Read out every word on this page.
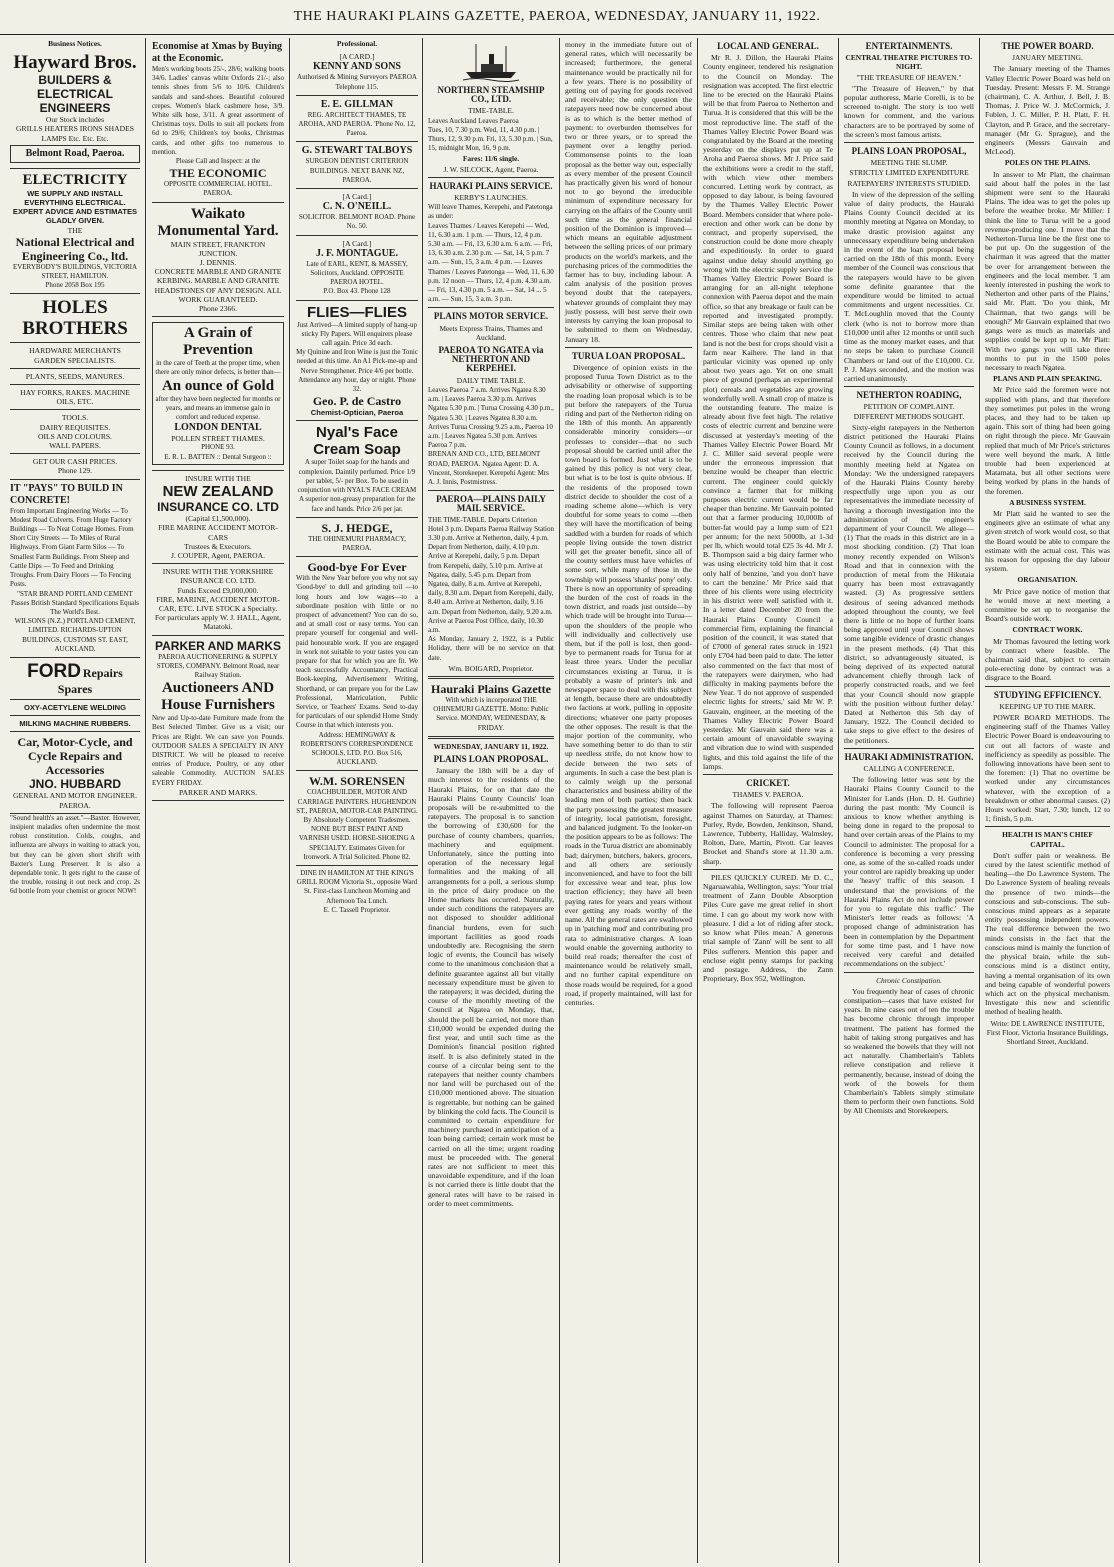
THE HAURAKI PLAINS GAZETTE, PAEROA, WEDNESDAY, JANUARY 11, 1922.
Business Notices.
Hayward Bros.
BUILDERS &
ELECTRICAL
ENGINEERS
Our Stock includes
GRILLS HEATERS IRONS SHADES LAMPS Etc. Etc. Etc.
Belmont Road, Paeroa.
ELECTRICITY
WE SUPPLY AND INSTALL EVERYTHING ELECTRICAL. EXPERT ADVICE AND ESTIMATES GLADLY GIVEN.
THE
National Electrical and Engineering Co., ltd.
EVERYBODY'S BUILDINGS, VICTORIA STREET, HAMILTON.
Phone 2058 Box 195
HOLES BROTHERS
HARDWARE MERCHANTS
GARDEN SPECIALISTS.
PLANTS, SEEDS, MANURES.
HAY FORKS, RAKES. MACHINE OILS, ETC.
TOOLS.
DAIRY REQUISITES.
OILS AND COLOURS.
WALL PAPERS.
GET OUR CASH PRICES.
Phone 129.
IT "PAYS" TO BUILD IN CONCRETE!
From Important Engineering Works — To Modest Road Culverts. From Huge Factory Buildings — To Neat Cottage Homes. From Short City Streets — To Miles of Rural Highways. From Giant Farm Silos — To Smallest Farm Buildings. From Sheep and Cattle Dips — To Feed and Drinking Troughs. From Dairy Floors — To Fencing Posts.
"STAR BRAND PORTLAND CEMENT Passes British Standard Specifications Equals The World's Best.
WILSONS (N.Z.) PORTLAND CEMENT, LIMITED. RICHARDS-UPTON BUILDINGS, CUSTOMS ST. EAST, AUCKLAND.
FORD Repairs Spares
OXY-ACETYLENE WELDING
MILKING MACHINE RUBBERS.
Car, Motor-Cycle, and Cycle Repairs and Accessories
JNO. HUBBARD
GENERAL AND MOTOR ENGINEER. PAEROA.
"Sound health's an asset."—Baxter. However, insipient maladies often undermine the most robust constitution. Colds, coughs, and influenza are always in waiting to attack you, but they can be given short shrift with Baxter's Lung Preserver. It is also a dependable tonic. It gets right to the cause of the trouble, rousing it out neck and crop. 2s 6d bottle from your chemist or grocer NOW!
Economise at Xmas by Buying at the Economic.
Men's working boots 25/-, 28/6; walking boots 34/6. Ladies' canvas white Oxfords 21/-; also tennis shoes from 5/6 to 10/6. Children's sandals and sand-shoes. Beautiful coloured crepes. Women's black cashmere hose, 3/9. White silk hose, 3/11. A great assortment of Christmas toys. Dolls to suit all pockets from 6d to 29/6; Children's toy books, Christmas cards, and other gifts too numerous to mention.
Please Call and Inspect: at the
THE ECONOMIC
OPPOSITE COMMERCIAL HOTEL. PAEROA.
Waikato Monumental Yard.
MAIN STREET, FRANKTON JUNCTION.
J. DENNIS.
CONCRETE MARBLE AND GRANITE KERBING. MARBLE AND GRANITE HEADSTONES OF ANY DESIGN. ALL WORK GUARANTEED.
Phone 2366.
A Grain of Prevention
in the care of Teeth at the proper time, when there are only minor defects, is better than—
An ounce of Gold
after they have been neglected for months or years, and means an immense gain in comfort and reduced expense.
LONDON DENTAL
POLLEN STREET THAMES.
PHONE 93.
E. R. L. BATTEN :: Dental Surgeon ::
INSURE WITH THE
NEW ZEALAND
INSURANCE CO. LTD
(Capital £1,500,000).
FIRE MARINE ACCIDENT MOTOR-CARS
Trustees & Executors.
J. COUPER, Agent, PAEROA.
INSURE WITH THE YORKSHIRE INSURANCE CO. LTD.
Funds Exceed £9,000,000.
FIRE, MARINE, ACCIDENT MOTOR-CAR, ETC. LIVE STOCK a Specialty.
For particulars apply W. J. HALL, Agent, Matatoki.
PARKER AND MARKS
PAEROA AUCTIONEERING & SUPPLY STORES, COMPANY. Belmont Road, near Railway Station.
Auctioneers AND House Furnishers
New and Up-to-date Furniture made from the Best Selected Timber. Give us a visit; our Prices are Right. We can save you Pounds. OUTDOOR SALES A SPECIALTY IN ANY DISTRICT. We will be pleased to receive entries of Produce, Poultry, or any other saleable Commodity. AUCTION SALES EVERY FRIDAY.
PARKER AND MARKS.
Professional.
[A CARD.]
KENNY AND SONS
Authorised & Mining Surveyors PAEROA Telephone 115.
E. E. GILLMAN
REG. ARCHITECT THAMES, TE AROHA, AND PAEROA. 'Phone No. 12, Paeroa.
G. STEWART TALBOYS
SURGEON DENTIST CRITERION BUILDINGS. NEXT BANK NZ, PAEROA.
[A Card.]
C. N. O'NEILL.
SOLICITOR. BELMONT ROAD. Phone No. 50.
[A Card.]
J. F. MONTAGUE.
Late of EARL, KENT, & MASSEY, Solicitors, Auckland. OPPOSITE PAEROA HOTEL.
P.O. Box 43. Phone 128
FLIES—FLIES
Just Arrived—A limited supply of hang-up sticky Fly Papers. Will enquirers please call again. Price 3d each.
My Quinine and Iron Wine is just the Tonic needed at this time. An A1 Pick-me-up and Nerve Strengthener. Price 4/6 per bottle.
Attendance any hour, day or night. 'Phone 32.
Geo. P. de Castro
Chemist-Optician, Paeroa
Nyal's Face Cream Soap
A super Toilet soap for the hands and complexion. Daintily perfumed. Price 1/9 per tablet, 5/- per Box. To be used in conjunction with NYAL'S FACE CREAM A superior non-greasy preparation for the face and hands. Price 2/6 per jar.
S. J. HEDGE,
THE OHINEMURI PHARMACY, PAEROA.
Good-bye For Ever
With the New Year before you why not say 'Good-bye' to dull and grinding toil —to long hours and low wages—to a subordinate position with little or no prospect of advancement? You can do so, and at small cost or easy terms. You can prepare yourself for congenial and well-paid honourable work. If you are engaged in work not suitable to your tastes you can prepare for that for which you are fit. We teach successfully Accountancy, Practical Book-keeping, Advertisement Writing, Shorthand, or can prepare you for the Law Professional, Matriculation, Public Service, or Teachers' Exams. Send to-day for particulars of our splendid Home Study Course in that which interests you.
Address: HEMINGWAY & ROBERTSON'S CORRESPONDENCE SCHOOLS, LTD. P.O. Box 516, AUCKLAND.
W.M. SORENSEN
COACHBUILDER, MOTOR AND CARRIAGE PAINTERS. HUGHENDON ST., PAEROA, MOTOR-CAR PAINTING. By Absolutely Competent Tradesmen. NONE BUT BEST PAINT AND VARNISH USED. HORSE-SHOEING A SPECIALTY. Estimates Given for Ironwork. A Trial Solicited. Phone 82.
DINE IN HAMILTON AT THE KING'S GRILL ROOM Victoria St., opposite Ward St. First-class Luncheon Morning and Afternoon Tea Lunch.
E. C. Tassell Proprietor.
NORTHERN STEAMSHIP CO., LTD.
TIME-TABLE.
Leaves Auckland Leaves Paeroa
Tues, 10, 7.30 p.m. Wed, 11, 4.30 p.m. | Thurs, 12, 9.30 p.m. Fri, 13, 5.30 p.m. | Sun, 15, midnight Mon, 16, 9 p.m.
Fares: 11/6 single.
J. W. SILCOCK, Agent, Paeroa.
HAURAKI PLAINS SERVICE.
KERBY'S LAUNCHES.
Will leave Thames, Kerepehi, and Patetonga as under:
Leaves Thames / Leaves Kerepehi — Wed, 11, 6.30 a.m. 1 p.m. — Thurs, 12, 4 p.m. 5.30 a.m. — Fri, 13, 6.30 a.m. 6 a.m. — Fri, 13, 6.30 a.m. 2.30 p.m. — Sat, 14, 5 p.m. 7 a.m. — Sun, 15, 3 a.m. 4 p.m. — Leaves Thames / Leaves Patetonga — Wed, 11, 6.30 p.m. 12 noon — Thurs, 12, 4 p.m. 4.30 a.m. — Fri, 13, 4.30 p.m. 5 a.m. — Sat, 14 ... 5 a.m. — Sun, 15, 3 a.m. 3 p.m.
PLAINS MOTOR SERVICE.
Meets Express Trains, Thames and Auckland.
PAEROA TO NGATEA via NETHERTON AND KERPEHEI.
DAILY TIME TABLE.
Leaves Paeroa 7 a.m. Arrives Ngatea 8.30 a.m. | Leaves Paeroa 3.30 p.m. Arrives Ngatea 5.30 p.m. | Turua Crossing 4.30 p.m., Ngatea 5.30. | Leaves Ngatea 8.30 a.m. Arrives Turua Crossing 9.25 a.m., Paeroa 10 a.m. | Leaves Ngatea 5.30 p.m. Arrives Paeroa 7 p.m.
BRENAN AND CO., LTD, BELMONT ROAD, PAEROA. Ngatea Agent: D. A. Vincent, Storekeeper. Kerepehi Agent: Mrs A. J. Innis, Postmistress.
PAEROA—PLAINS DAILY MAIL SERVICE.
THE TIME-TABLE. Departs Criterion Hotel 3 p.m. Departs Paeroa Railway Station 3.30 p.m. Arrive at Netherton, daily, 4 p.m. Depart from Netherton, daily, 4.10 p.m. Arrive at Kerepehi, daily, 5 p.m. Depart from Kerepehi, daily, 5.10 p.m. Arrive at Ngatea, daily, 5.45 p.m. Depart from Ngatea, daily, 8 a.m. Arrive at Kerepehi, daily, 8.30 a.m. Depart from Kerepehi, daily, 8.40 a.m. Arrive at Netherton, daily, 9.16 a.m. Depart from Netherton, daily, 9.20 a.m. Arrive at Paeroa Post Office, daily, 10.30 a.m.
As Monday, January 2, 1922, is a Public Holiday, there will be no service on that date.
Wm. BOIGARD, Proprietor.
Hauraki Plains Gazette
With which is incorporated THE OHINEMURI GAZETTE. Motto: Public Service. MONDAY, WEDNESDAY, & FRIDAY.
WEDNESDAY, JANUARY 11, 1922.
PLAINS LOAN PROPOSAL.
January the 18th will be a day of much interest to the residents of the Hauraki Plains, for on that date the Hauraki Plains County Councils' loan proposals will be re-submitted to the ratepayers. The proposal is to sanction the borrowing of £30,600 for the purchase of county chambers, quarries, machinery and equipment. Unfortunately, since the putting into operation of the necessary legal formalities and the making of all arrangements for a poll, a serious slump in the price of dairy produce on the Home markets has occurred. Naturally, under such conditions the ratepayers are not disposed to shoulder additional financial burdens, even for such important facilities as good roads undoubtedly are. Recognising the stern logic of events, the Council has wisely come to the unanimous conclusion that a definite guarantee against all but vitally necessary expenditure must be given to the ratepayers; it was decided, during the course of the monthly meeting of the Council at Ngatea on Monday, that, should the poll be carried, not more than £10,000 would be expended during the first year, and until such time as the Dominion's financial position righted itself. It is also definitely stated in the course of a circular being sent to the ratepayers that neither county chambers nor land will be purchased out of the £10,000 mentioned above. The situation is regrettable, but nothing can be gained by blinking the cold facts. The Council is committed to certain expenditure for machinery purchased in anticipation of a loan being carried; certain work must be carried on all the time; urgent roading must be proceeded with. The general rates are not sufficient to meet this unavoidable expenditure, and if the loan is not carried there is little doubt that the general rates will have to be raised in order to meet commitments.
money in the immediate future out of general rates, which will necessarily be increased; furthermore, the general maintenance would be practically nil for a few years. There is no possibility of getting out of paying for goods received and receivable; the only question the ratepayers need now be concerned about is as to which is the better method of payment: to overburden themselves for two or three years, or to spread the payment over a lengthy period. Commonsense points to the loan proposal as the better way out, especially as every member of the present Council has practically given his word of honour not to go beyond the irreducible minimum of expenditure necessary for carrying on the affairs of the County until such time as the general financial position of the Dominion is improved—which means an equitable adjustment between the selling prices of our primary products on the world's markets, and the purchasing prices of the commodities the farmer has to buy, including labour. A calm analysis of the position proves beyond doubt that the ratepayers, whatever grounds of complaint they may justly possess, will best serve their own interests by carrying the loan proposal to be submitted to them on Wednesday, January 18.
TURUA LOAN PROPOSAL.
Divergence of opinion exists in the proposed Turua Town District as to the advisability or otherwise of supporting the roading loan proposal which is to be put before the ratepayers of the Turua riding and part of the Netherton riding on the 18th of this month. An apparently considerable minority considers—or professes to consider—that no such proposal should be carried until after the town board is formed. Just what is to be gained by this policy is not very clear, but what is to be lost is quite obvious. If the residents of the proposed town district decide to shoulder the cost of a roading scheme alone—which is very doubtful for some years to come —then they will have the mortification of being saddled with a burden for roads of which people living outside the town district will get the greater benefit, since all of the county settlers must have vehicles of some sort, while many of those in the township will possess 'shanks' pony' only. There is now an opportunity of spreading the burden of the cost of roads in the town district, and roads just outside—by which trade will be brought into Turua—upon the shoulders of the people who will individually and collectively use them, but if the poll is lost, then good-bye to permanent roads for Turua for at least three years. Under the peculiar circumstances existing at Turua, it is probably a waste of printer's ink and newspaper space to deal with this subject at length, because there are undoubtedly two factions at work, pulling in opposite directions; whatever one party proposes the other opposes. The result is that the major portion of the community, who have something better to do than to stir up needless strife, do not know how to decide between the two sets of arguments. In such a case the best plan is to calmly weigh up the personal characteristics and business ability of the leading men of both parties; then back the party possessing the greatest measure of integrity, local patriotism, foresight, and balanced judgment. To the looker-on the position appears to be as follows: The roads in the Turua district are abominably bad; dairymen, butchers, bakers, grocers, and all others are seriously inconvenienced, and have to foot the bill for excessive wear and tear, plus low traction efficiency; they have all been paying rates for years and years without ever getting any roads worthy of the name. All the general rates are swallowed up in 'patching mud' and contributing pro rata to administrative charges. A loan would enable the governing authority to build real roads; thereafter the cost of maintenance would be relatively small, and no further capital expenditure on those roads would be required, for a good road, if properly maintained, will last for centuries.
LOCAL AND GENERAL.
Mr R. J. Dillon, the Hauraki Plains County engineer, tendered his resignation to the Council on Monday. The resignation was accepted. The first electric line to be erected on the Hauraki Plains will be that from Paeroa to Netherton and Turua. It is considered that this will be the most reproductive line. The staff of the Thames Valley Electric Power Board was congratulated by the Board at the meeting yesterday on the displays put up at Te Aroha and Paeroa shows. Mr J. Price said the exhibitions were a credit to the staff, with which view other members concurred. Letting work by contract, as opposed to day labour, is being favoured by the Thames Valley Electric Power Board. Members consider that where pole-erection and other work can be done by contract, and properly supervised, the construction could be done more cheaply and expeditiously. In order to guard against undue delay should anything go wrong with the electric supply service the Thames Valley Electric Power Board is arranging for an all-night telephone connexion with Paeroa depot and the main office, so that any breakage or fault can be reported and investigated promptly. Similar steps are being taken with other centres. Those who claim that new peat land is not the best for crops should visit a farm near Kaihere. The land in that particular vicinity was opened up only about two years ago. Yet on one small piece of ground (perhaps an experimental plot) cereals and vegetables are growing wonderfully well. A small crop of maize is the outstanding feature. The maize is already about five feet high. The relative costs of electric current and benzine were discussed at yesterday's meeting of the Thames Valley Electric Power Board. Mr J. C. Miller said several people were under the erroneous impression that benzine would be cheaper than electric current. The engineer could quickly convince a farmer that for milking purposes electric current would be far cheaper than benzine. Mr Gauvain pointed out that a farmer producing 10,000lb of butter-fat would pay a lump sum of £21 per annum; for the next 5000lb, at 1-3d per lb, which would total £25 3s 4d. Mr J. B. Thompson said a big dairy farmer who was using electricity told him that it cost only half of benzine, 'and you don't have to cart the benzine.' Mr Price said that three of his clients were using electricity in his district were well satisfied with it. In a letter dated December 20 from the Hauraki Plains County Council a commercial firm, explaining the financial position of the council, it was stated that of £7000 of general rates struck in 1921 only £704 had been paid to date. The letter also commented on the fact that most of the ratepayers were dairymen, who had difficulty in making payments before the New Year. 'I do not approve of suspended electric lights for streets,' said Mr W. P. Gauvain, engineer, at the meeting of the Thames Valley Electric Power Board yesterday. Mr Gauvain said there was a certain amount of unavoidable swaying and vibration due to wind with suspended lights, and this told against the life of the lamps.
CRICKET.
THAMES V. PAEROA.
The following will represent Paeroa against Thames on Saturday, at Thames: Purley, Ryde, Bowden, Jenkinson, Shand, Lawrence, Tubberty, Halliday, Walmsley, Rolton, Dare, Martin, Pivott. Car leaves Brocket and Shand's store at 11.30 a.m. sharp.
PILES QUICKLY CURED. Mr D. C., Ngaruawahia, Wellington, says: 'Your trial treatment of Zann Double Absorption Piles Cure gave me great relief in short time. I can go about my work now with pleasure. I did a lot of riding after stock, so know what Piles mean.' A generous trial sample of 'Zann' will be sent to all Piles sufferers. Mention this paper and enclose eight penny stamps for packing and postage. Address, the Zann Proprietary, Box 952, Wellington.
ENTERTAINMENTS.
CENTRAL THEATRE PICTURES TO-NIGHT.
"THE TREASURE OF HEAVEN."
"The Treasure of Heaven," by that popular authoress, Marie Corelli, is to be screened to-night. The story is too well known for comment, and the various characters are to be portrayed by some of the screen's most famous artists.
PLAINS LOAN PROPOSAL,
MEETING THE SLUMP.
STRICTLY LIMITED EXPENDITURE
RATEPAYERS' INTERESTS STUDIED.
In view of the depression of the selling value of dairy products, the Hauraki Plains County Council decided at its monthly meeting at Ngatea on Monday, to make drastic provision against any unnecessary expenditure being undertaken in the event of the loan proposal being carried on the 18th of this month. Every member of the Council was conscious that the ratepayers would have to be given some definite guarantee that the expenditure would be limited to actual commitments and urgent necessities. Cr. T. McLoughlin moved that the County clerk (who is not to borrow more than £10,000 until after 12 months or until such time as the money market eases, and that no steps be taken to purchase Council Chambers or land out of the £10,000. Cr. P. J. Mays seconded, and the motion was carried unanimously.
NETHERTON ROADING,
PETITION OF COMPLAINT. DIFFERENT METHODS SOUGHT.
Sixty-eight ratepayers in the Netherton district petitioned the Hauraki Plains County Council as follows, in a document received by the Council during the monthly meeting held at Ngatea on Monday: 'We the undersigned ratepayers of the Hauraki Plains County hereby respectfully urge upon you as our representatives the immediate necessity of having a thorough investigation into the administration of the engineer's department of your Council. We allege— (1) That the roads in this district are in a most shocking condition. (2) That loan money recently expended on Wilson's Road and that in connexion with the production of metal from the Hikutaia quarry has been most extravagantly wasted. (3) As progressive settlers desirous of seeing advanced methods adopted throughout the county, we feel there is little or no hope of further loans being approved until your Council shows some tangible evidence of drastic changes in the present methods. (4) That this district, so advantageously situated, is being deprived of its expected natural advancement chiefly through lack of properly constructed roads, and we feel that your Council should now grapple with the position without further delay.' Dated at Netherton this 5th day of January, 1922. The Council decided to take steps to give effect to the desires of the petitioners.
HAURAKI ADMINISTRATION.
CALLING A CONFERENCE.
The following letter was sent by the Hauraki Plains County Council to the Minister for Lands (Hon. D. H. Guthrie) during the past month: 'My Council is anxious to know whether anything is being done in regard to the proposal to hand over certain areas of the Plains to my Council to administer. The proposal for a conference is becoming a very pressing one, as some of the so-called roads under your control are rapidly breaking up under the 'heavy' traffic of this season. I understand that the provisions of the Hauraki Plains Act do not include power for you to regulate this traffic.' The Minister's letter reads as follows: 'A proposed change of administration has been in contemplation by the Department for some time past, and I have now received very careful and detailed recommendations on the subject.'
Chronic Constipation.
You frequently hear of cases of chronic constipation—cases that have existed for years. In nine cases out of ten the trouble has become chronic through improper treatment. The patient has formed the habit of taking strong purgatives and has so weakened the bowels that they will not act naturally. Chamberlain's Tablets relieve constipation and relieve it permanently, because, instead of doing the work of the bowels for them Chamberlain's Tablets simply stimulate them to perform their own functions. Sold by All Chemists and Storekeepers.
THE POWER BOARD.
JANUARY MEETING.
The January meeting of the Thames Valley Electric Power Board was held on Tuesday. Present: Messrs F. M. Strange (chairman), C. A. Arthur, J. Bell, J. B. Thomas, J. Price W. J. McCormick, J. Fublen, J. C. Miller, P. H. Platt, F. H. Clayton, and P. Grace, and the secretary-manager (Mr G. Sprague), and the engineers (Messrs Gauvain and McLeod).
POLES ON THE PLAINS.
In answer to Mr Platt, the chairman said about half the poles in the last shipment were sent to the Hauraki Plains. The idea was to get the poles up before the weather broke. Mr Miller: I think the line to Turua will be a good revenue-producing one. I move that the Netherton-Turua line be the first one to be put up. On the suggestion of the chairman it was agreed that the matter be over for arrangement between the engineers and the local member. 'I am keenly interested in pushing the work to Netherton and other parts of the Plains,' said Mr. Platt. 'Do you think, Mr Chairman, that two gangs will be enough?' Mr Gauvain explained that two gangs were as much as materials and supplies could be kept up to. Mr Platt: With two gangs you will take three months to put in the 1500 poles necessary to reach Ngatea.
PLANS AND PLAIN SPEAKING.
Mr Price said the foremen were not supplied with plans, and that therefore they sometimes put poles in the wrong places, and they had to be taken up again. This sort of thing had been going on right through the piece. Mr Gauvain replied that much of Mr Price's strictures were well beyond the mark. A little trouble had been experienced at Matamata, but all other sections were being worked by plans in the hands of the foremen.
A BUSINESS SYSTEM.
Mr Platt said he wanted to see the engineers give an estimate of what any given stretch of work would cost, so that the Board would be able to compare the estimate with the actual cost. This was his reason for opposing the day labour system.
ORGANISATION.
Mr Price gave notice of motion that he would move at next meeting a committee be set up to reorganise the Board's outside work.
CONTRACT WORK.
Mr Thomas favoured the letting work by contract where feasible. The chairman said that, subject to certain pole-erecting done by contract was a disgrace to the Board.
STUDYING EFFICIENCY.
KEEPING UP TO THE MARK.
POWER BOARD METHODS. The engineering staff of the Thames Valley Electric Power Board is endeavouring to cut out all factors of waste and inefficiency as speedily as possible. The following innovations have been sent to the foremen: (1) That no overtime be worked under any circumstances whatever, with the exception of a breakdown or other abnormal causes. (2) Hours worked: Start, 7.30; lunch, 12 to 1; finish, 5 p.m.
HEALTH IS MAN'S CHIEF CAPITAL.
Don't suffer pain or weakness. Be cured by the latest scientific method of healing—the Do Lawrence System. The Do Lawrence System of healing reveals the presence of two minds—the conscious and sub-conscious. The sub-conscious mind appears as a separate entity possessing independent powers. The real difference between the two minds consists in the fact that the conscious mind is mainly the function of the physical brain, while the sub-conscious mind is a distinct entity, having a mental organisation of its own and being capable of wonderful powers which act on the physical mechanism. Investigate this new and scientific method of healing health.
Write: DE LAWRENCE INSTITUTE, First Floor, Victoria Insurance Buildings, Shortland Street, Auckland.
